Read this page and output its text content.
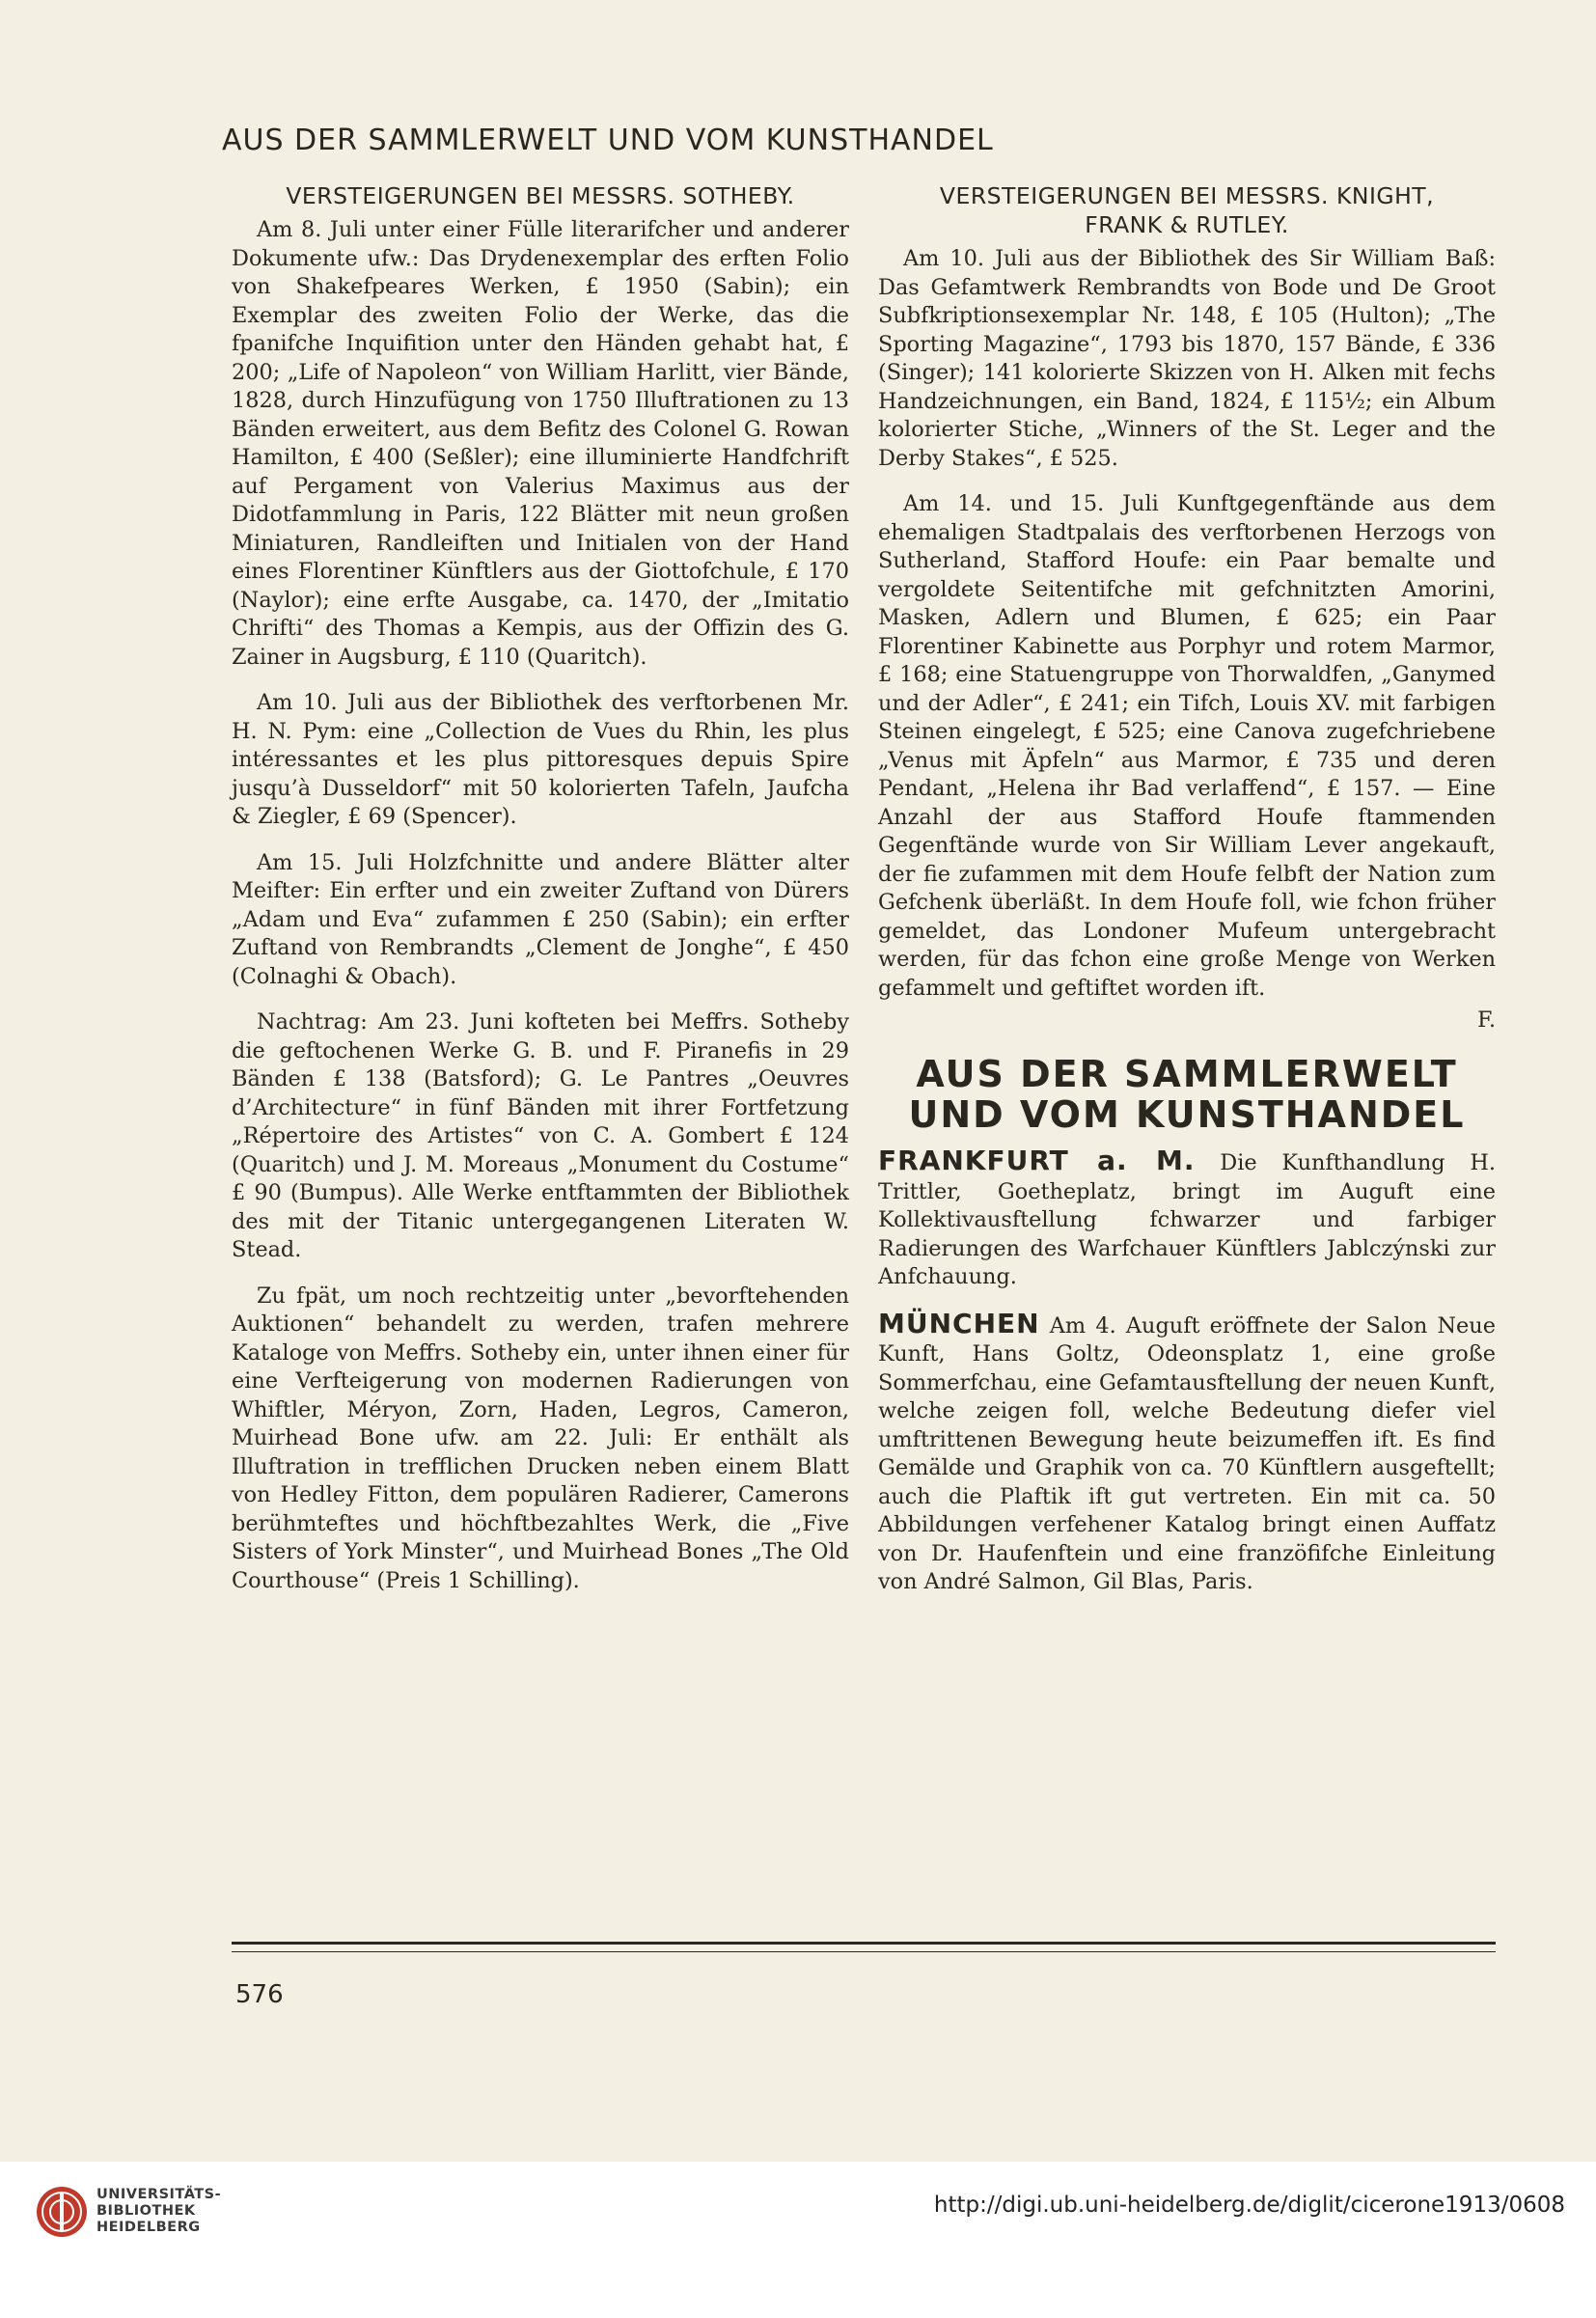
AUS DER SAMMLERWELT UND VOM KUNSTHANDEL
VERSTEIGERUNGEN BEI MESSRS. SOTHEBY.

Am 8. Juli unter einer Fülle literarifcher und anderer Dokumente ufw.: Das Drydenexemplar des erften Folio von Shakefpeares Werken, £ 1950 (Sabin); ein Exemplar des zweiten Folio der Werke, das die fpanifche Inquifition unter den Händen gehabt hat, £ 200; „Life of Napoleon“ von William Harlitt, vier Bände, 1828, durch Hinzufügung von 1750 Illuftrationen zu 13 Bänden erweitert, aus dem Befitz des Colonel G. Rowan Hamilton, £ 400 (Seßler); eine illuminierte Handfchrift auf Pergament von Valerius Maximus aus der Didotfammlung in Paris, 122 Blätter mit neun großen Miniaturen, Randleiften und Initialen von der Hand eines Florentiner Künftlers aus der Giottofchule, £ 170 (Naylor); eine erfte Ausgabe, ca. 1470, der „Imitatio Chrifti“ des Thomas a Kempis, aus der Offizin des G. Zainer in Augsburg, £ 110 (Quaritch).

Am 10. Juli aus der Bibliothek des verftorbenen Mr. H. N. Pym: eine „Collection de Vues du Rhin, les plus intéressantes et les plus pittoresques depuis Spire jusqu’à Dusseldorf“ mit 50 kolorierten Tafeln, Jaufcha & Ziegler, £ 69 (Spencer).

Am 15. Juli Holzfchnitte und andere Blätter alter Meifter: Ein erfter und ein zweiter Zuftand von Dürers „Adam und Eva“ zufammen £ 250 (Sabin); ein erfter Zuftand von Rembrandts „Clement de Jonghe“, £ 450 (Colnaghi & Obach).

Nachtrag: Am 23. Juni kofteten bei Meffrs. Sotheby die geftochenen Werke G. B. und F. Piranefis in 29 Bänden £ 138 (Batsford); G. Le Pantres „Oeuvres d’Architecture“ in fünf Bänden mit ihrer Fortfetzung „Répertoire des Artistes“ von C. A. Gombert £ 124 (Quaritch) und J. M. Moreaus „Monument du Costume“ £ 90 (Bumpus). Alle Werke entftammten der Bibliothek des mit der Titanic untergegangenen Literaten W. Stead.

Zu fpät, um noch rechtzeitig unter „bevorftehenden Auktionen“ behandelt zu werden, trafen mehrere Kataloge von Meffrs. Sotheby ein, unter ihnen einer für eine Verfteigerung von modernen Radierungen von Whiftler, Méryon, Zorn, Haden, Legros, Cameron, Muirhead Bone ufw. am 22. Juli: Er enthält als Illuftration in trefflichen Drucken neben einem Blatt von Hedley Fitton, dem populären Radierer, Camerons berühmteftes und höchftbezahltes Werk, die „Five Sisters of York Minster“, und Muirhead Bones „The Old Courthouse“ (Preis 1 Schilling).

VERSTEIGERUNGEN BEI MESSRS. KNIGHT,
FRANK & RUTLEY.

Am 10. Juli aus der Bibliothek des Sir William Baß: Das Gefamtwerk Rembrandts von Bode und De Groot Subfkriptionsexemplar Nr. 148, £ 105 (Hulton); „The Sporting Magazine“, 1793 bis 1870, 157 Bände, £ 336 (Singer); 141 kolorierte Skizzen von H. Alken mit fechs Handzeichnungen, ein Band, 1824, £ 115½; ein Album kolorierter Stiche, „Winners of the St. Leger and the Derby Stakes“, £ 525.

Am 14. und 15. Juli Kunftgegenftände aus dem ehemaligen Stadtpalais des verftorbenen Herzogs von Sutherland, Stafford Houfe: ein Paar bemalte und vergoldete Seitentifche mit gefchnitzten Amorini, Masken, Adlern und Blumen, £ 625; ein Paar Florentiner Kabinette aus Porphyr und rotem Marmor, £ 168; eine Statuengruppe von Thorwaldfen, „Ganymed und der Adler“, £ 241; ein Tifch, Louis XV. mit farbigen Steinen eingelegt, £ 525; eine Canova zugefchriebene „Venus mit Äpfeln“ aus Marmor, £ 735 und deren Pendant, „Helena ihr Bad verlaffend“, £ 157. — Eine Anzahl der aus Stafford Houfe ftammenden Gegenftände wurde von Sir William Lever angekauft, der fie zufammen mit dem Houfe felbft der Nation zum Gefchenk überläßt. In dem Houfe foll, wie fchon früher gemeldet, das Londoner Mufeum untergebracht werden, für das fchon eine große Menge von Werken gefammelt und geftiftet worden ift.

F.
AUS DER SAMMLERWELT
UND VOM KUNSTHANDEL

FRANKFURT a. M. Die Kunfthandlung H. Trittler, Goetheplatz, bringt im Auguft eine Kollektivausftellung fchwarzer und farbiger Radierungen des Warfchauer Künftlers Jablczýnski zur Anfchauung.

MÜNCHEN Am 4. Auguft eröffnete der Salon Neue Kunft, Hans Goltz, Odeonsplatz 1, eine große Sommerfchau, eine Gefamtausftellung der neuen Kunft, welche zeigen foll, welche Bedeutung diefer viel umftrittenen Bewegung heute beizumeffen ift. Es find Gemälde und Graphik von ca. 70 Künftlern ausgeftellt; auch die Plaftik ift gut vertreten. Ein mit ca. 50 Abbildungen verfehener Katalog bringt einen Auffatz von Dr. Haufenftein und eine franzöfifche Einleitung von André Salmon, Gil Blas, Paris.

576
UNIVERSITÄTS-
BIBLIOTHEK
HEIDELBERG
http://digi.ub.uni-heidelberg.de/diglit/cicerone1913/0608
